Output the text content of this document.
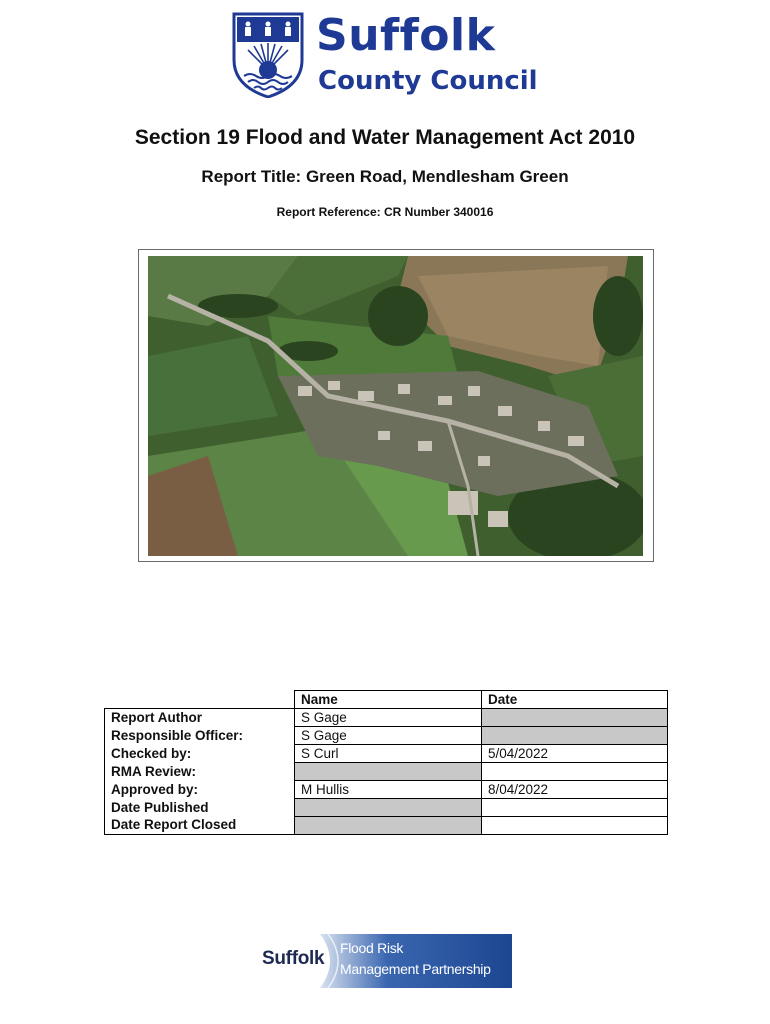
Suffolk
County Council
Section 19 Flood and Water Management Act 2010
Report Title: Green Road, Mendlesham Green
Report Reference: CR Number 340016
	Name	Date
Report Author	S Gage	
Responsible Officer:	S Gage	
Checked by:	S Curl	5/04/2022
RMA Review:		
Approved by:	M Hullis	8/04/2022
Date Published		
Date Report Closed		
Suffolk Flood Risk
Management Partnership
